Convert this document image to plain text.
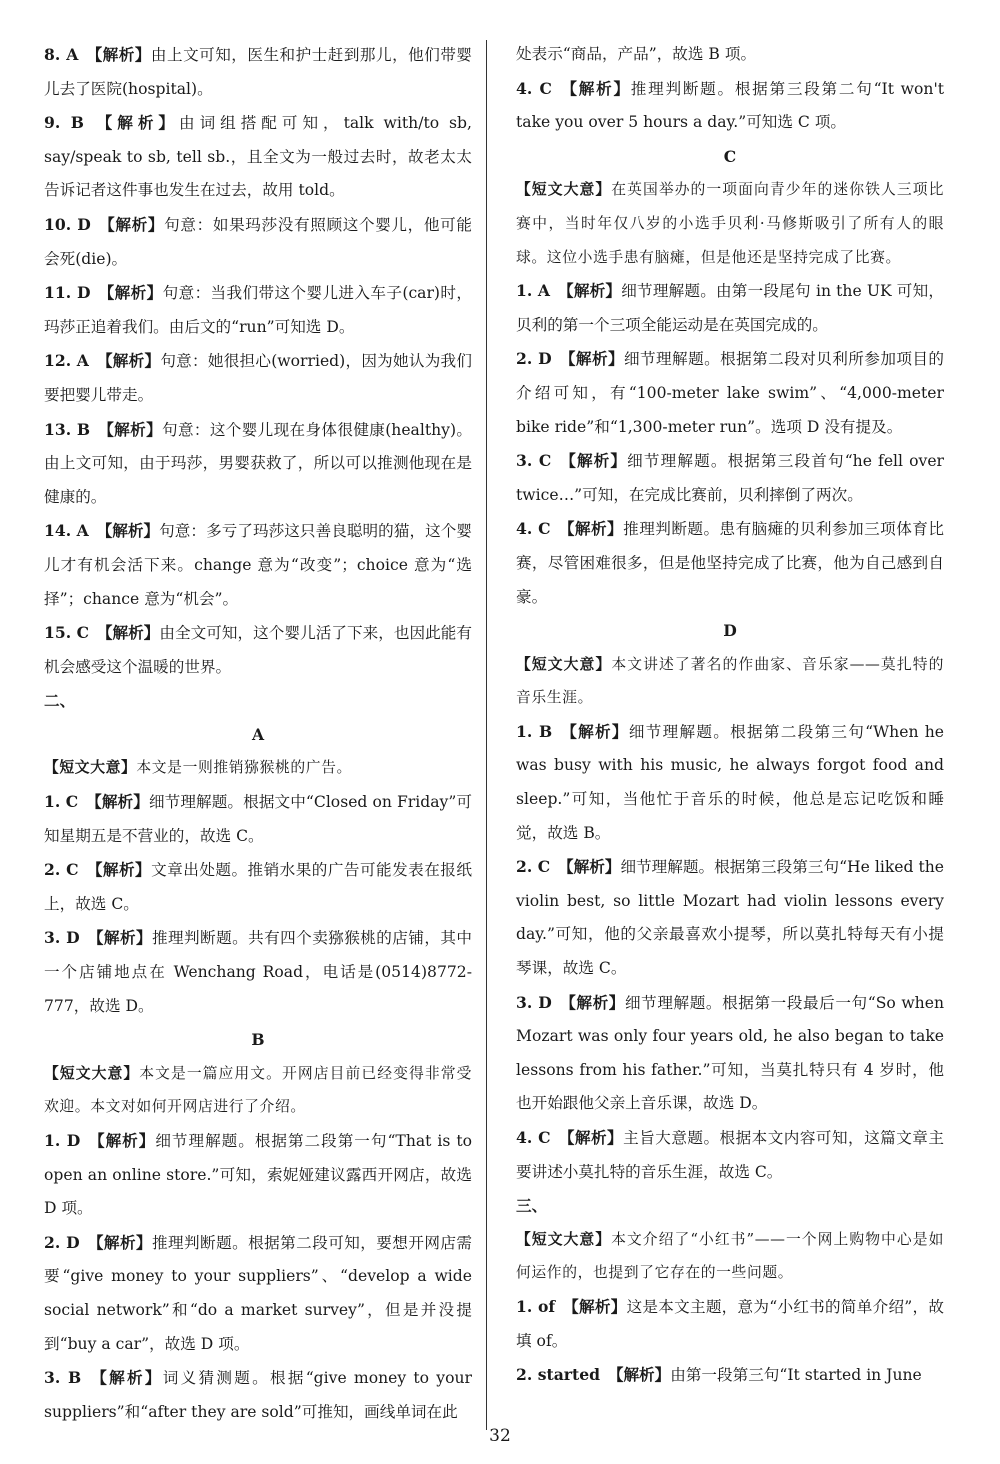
8. A  【解析】由上文可知，医生和护士赶到那儿，他们带婴儿去了医院(hospital)。

9. B  【解析】由词组搭配可知，talk with/to sb, say/speak to sb, tell sb.，且全文为一般过去时，故老太太告诉记者这件事也发生在过去，故用 told。

10. D  【解析】句意：如果玛莎没有照顾这个婴儿，他可能会死(die)。

11. D  【解析】句意：当我们带这个婴儿进入车子(car)时，玛莎正追着我们。由后文的“run”可知选 D。

12. A  【解析】句意：她很担心(worried)，因为她认为我们要把婴儿带走。

13. B  【解析】句意：这个婴儿现在身体很健康(healthy)。由上文可知，由于玛莎，男婴获救了，所以可以推测他现在是健康的。

14. A  【解析】句意：多亏了玛莎这只善良聪明的猫，这个婴儿才有机会活下来。change 意为“改变”；choice 意为“选择”；chance 意为“机会”。

15. C  【解析】由全文可知，这个婴儿活了下来，也因此能有机会感受这个温暖的世界。

二、

A

【短文大意】本文是一则推销猕猴桃的广告。

1. C  【解析】细节理解题。根据文中“Closed on Friday”可知星期五是不营业的，故选 C。

2. C  【解析】文章出处题。推销水果的广告可能发表在报纸上，故选 C。

3. D  【解析】推理判断题。共有四个卖猕猴桃的店铺，其中一个店铺地点在 Wenchang Road，电话是(0514)8772-777，故选 D。

B

【短文大意】本文是一篇应用文。开网店目前已经变得非常受欢迎。本文对如何开网店进行了介绍。

1. D  【解析】细节理解题。根据第二段第一句“That is to open an online store.”可知，索妮娅建议露西开网店，故选 D 项。

2. D  【解析】推理判断题。根据第二段可知，要想开网店需要“give money to your suppliers”、“develop a wide social network”和“do a market survey”，但是并没提到“buy a car”，故选 D 项。

3. B  【解析】词义猜测题。根据“give money to your suppliers”和“after they are sold”可推知，画线单词在此

处表示“商品，产品”，故选 B 项。

4. C  【解析】推理判断题。根据第三段第二句“It won't take you over 5 hours a day.”可知选 C 项。

C

【短文大意】在英国举办的一项面向青少年的迷你铁人三项比赛中，当时年仅八岁的小选手贝利·马修斯吸引了所有人的眼球。这位小选手患有脑瘫，但是他还是坚持完成了比赛。

1. A  【解析】细节理解题。由第一段尾句 in the UK 可知，贝利的第一个三项全能运动是在英国完成的。

2. D  【解析】细节理解题。根据第二段对贝利所参加项目的介绍可知，有“100-meter lake swim”、“4,000-meter bike ride”和“1,300-meter run”。选项 D 没有提及。

3. C  【解析】细节理解题。根据第三段首句“he fell over twice…”可知，在完成比赛前，贝利摔倒了两次。

4. C  【解析】推理判断题。患有脑瘫的贝利参加三项体育比赛，尽管困难很多，但是他坚持完成了比赛，他为自己感到自豪。

D

【短文大意】本文讲述了著名的作曲家、音乐家——莫扎特的音乐生涯。

1. B  【解析】细节理解题。根据第二段第三句“When he was busy with his music, he always forgot food and sleep.”可知，当他忙于音乐的时候，他总是忘记吃饭和睡觉，故选 B。

2. C  【解析】细节理解题。根据第三段第三句“He liked the violin best, so little Mozart had violin lessons every day.”可知，他的父亲最喜欢小提琴，所以莫扎特每天有小提琴课，故选 C。

3. D  【解析】细节理解题。根据第一段最后一句“So when Mozart was only four years old, he also began to take lessons from his father.”可知，当莫扎特只有 4 岁时，他也开始跟他父亲上音乐课，故选 D。

4. C  【解析】主旨大意题。根据本文内容可知，这篇文章主要讲述小莫扎特的音乐生涯，故选 C。

三、

【短文大意】本文介绍了“小红书”——一个网上购物中心是如何运作的，也提到了它存在的一些问题。

1. of  【解析】这是本文主题，意为“小红书的简单介绍”，故填 of。

2. started  【解析】由第一段第三句“It started in June

32
